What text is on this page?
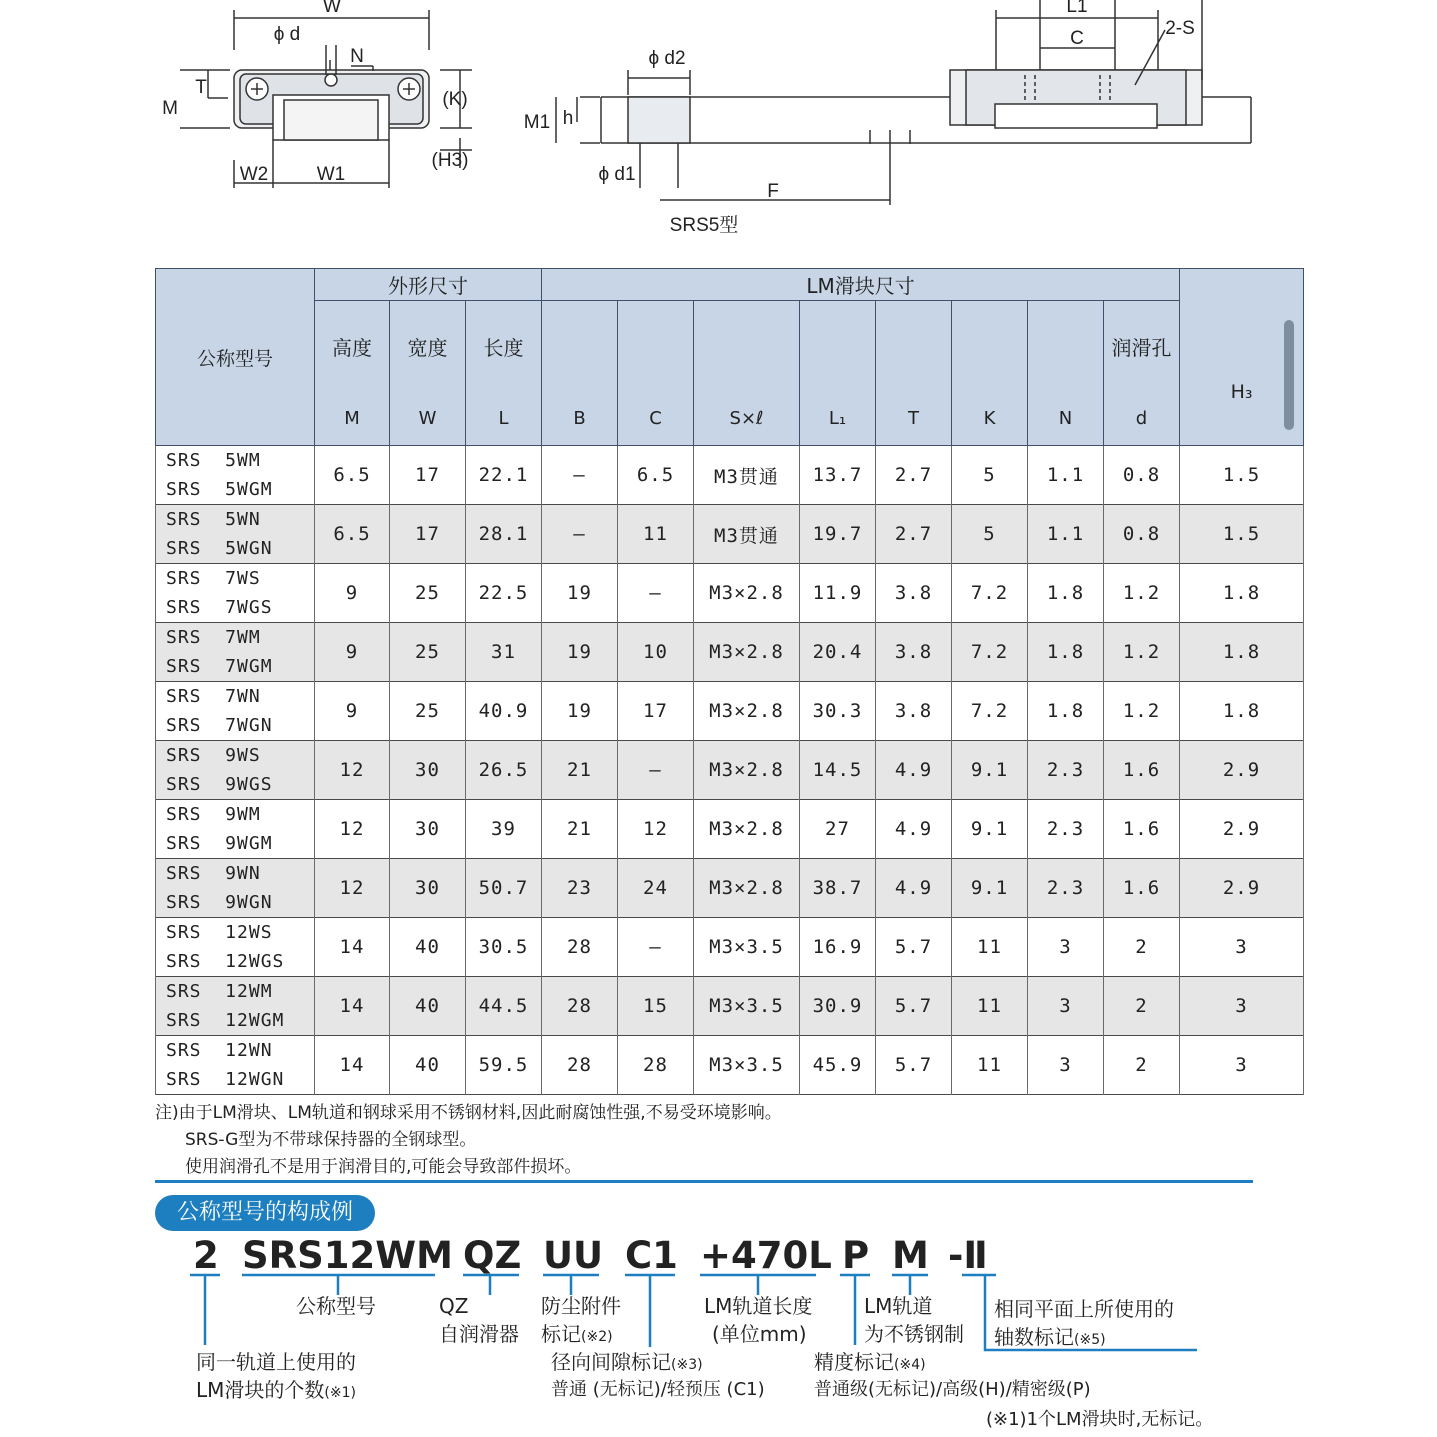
W
ϕ d
N
T
M	(K)
(H3)
W2	W1
ϕ d2
M1 h
ϕ d1
F
SRS5型
L1
C	2-S
公称型号	外形尺寸			LM滑块尺寸								H₃
	高度	宽度	长度								润滑孔	
	M	W	L	B	C	S×ℓ	L₁	T	K	N	d	

SRS  5WM
SRS  5WGM	6.5	17	22.1	—	6.5	M3贯通	13.7	2.7	5	1.1	0.8	1.5

SRS  5WN
SRS  5WGN	6.5	17	28.1	—	11	M3贯通	19.7	2.7	5	1.1	0.8	1.5

SRS  7WS
SRS  7WGS	9	25	22.5	19	—	M3×2.8	11.9	3.8	7.2	1.8	1.2	1.8

SRS  7WM
SRS  7WGM	9	25	31	19	10	M3×2.8	20.4	3.8	7.2	1.8	1.2	1.8

SRS  7WN
SRS  7WGN	9	25	40.9	19	17	M3×2.8	30.3	3.8	7.2	1.8	1.2	1.8

SRS  9WS
SRS  9WGS	12	30	26.5	21	—	M3×2.8	14.5	4.9	9.1	2.3	1.6	2.9

SRS  9WM
SRS  9WGM	12	30	39	21	12	M3×2.8	27	4.9	9.1	2.3	1.6	2.9

SRS  9WN
SRS  9WGN	12	30	50.7	23	24	M3×2.8	38.7	4.9	9.1	2.3	1.6	2.9

SRS  12WS
SRS  12WGS	14	40	30.5	28	—	M3×3.5	16.9	5.7	11	3	2	3

SRS  12WM
SRS  12WGM	14	40	44.5	28	15	M3×3.5	30.9	5.7	11	3	2	3

SRS  12WN
SRS  12WGN	14	40	59.5	28	28	M3×3.5	45.9	5.7	11	3	2	3
注)由于LM滑块、LM轨道和钢球采用不锈钢材料,因此耐腐蚀性强,不易受环境影响。
SRS-G型为不带球保持器的全钢球型。
使用润滑孔不是用于润滑目的,可能会导致部件损坏。
公称型号的构成例
2 SRS12WM QZ UU C1 +470L P M -Ⅱ
公称型号	QZ
自润滑器
防尘附件
标记(※2)
LM轨道长度
(单位mm)
LM轨道
为不锈钢制
相同平面上所使用的
轴数标记(※5)
同一轨道上使用的
LM滑块的个数(※1)
径向间隙标记(※3)
普通 (无标记)/轻预压 (C1)
精度标记(※4)
普通级(无标记)/高级(H)/精密级(P)
(※1)1个LM滑块时,无标记。
